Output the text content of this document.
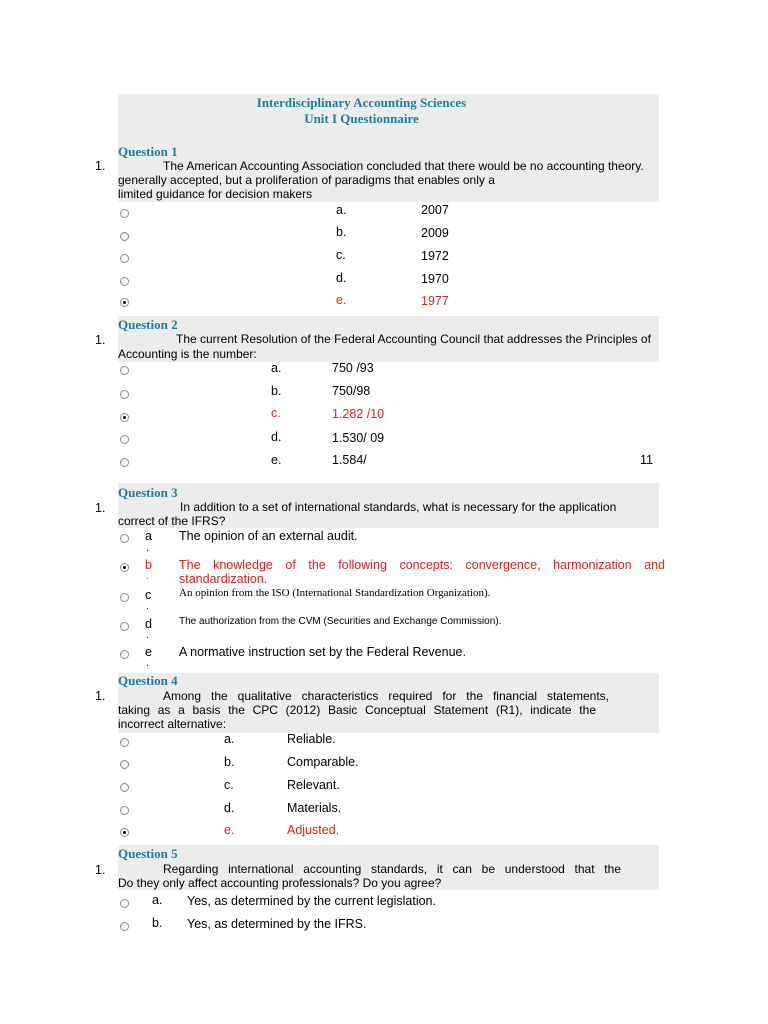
Interdisciplinary Accounting Sciences
Unit I Questionnaire
Question 1
1.	The American Accounting Association concluded that there would be no accounting theory.
generally accepted, but a proliferation of paradigms that enables only a
limited guidance for decision makers
a.	2007
b.	2009
c.	1972
d.	1970
e.	1977
Question 2
1.	The current Resolution of the Federal Accounting Council that addresses the Principles of
Accounting is the number:
a.	750 /93
b.	750/98
c.	1.282 /10
d.	1.530/ 09
e.	1.584/	11
Question 3
1.	In addition to a set of international standards, what is necessary for the application
correct of the IFRS?
a
.
The opinion of an external audit.
b
.
The knowledge of the following concepts: convergence, harmonization and
standardization.
c
.
An opinion from the ISO (International Standardization Organization).
d
.
The authorization from the CVM (Securities and Exchange Commission).
e
.
A normative instruction set by the Federal Revenue.
Question 4
1.	Among the qualitative characteristics required for the financial statements,
taking as a basis the CPC (2012) Basic Conceptual Statement (R1), indicate the
incorrect alternative:
a.	Reliable.
b.	Comparable.
c.	Relevant.
d.	Materials.
e.	Adjusted.
Question 5
1.	Regarding international accounting standards, it can be understood that the
Do they only affect accounting professionals? Do you agree?
a. Yes, as determined by the current legislation.
b. Yes, as determined by the IFRS.
